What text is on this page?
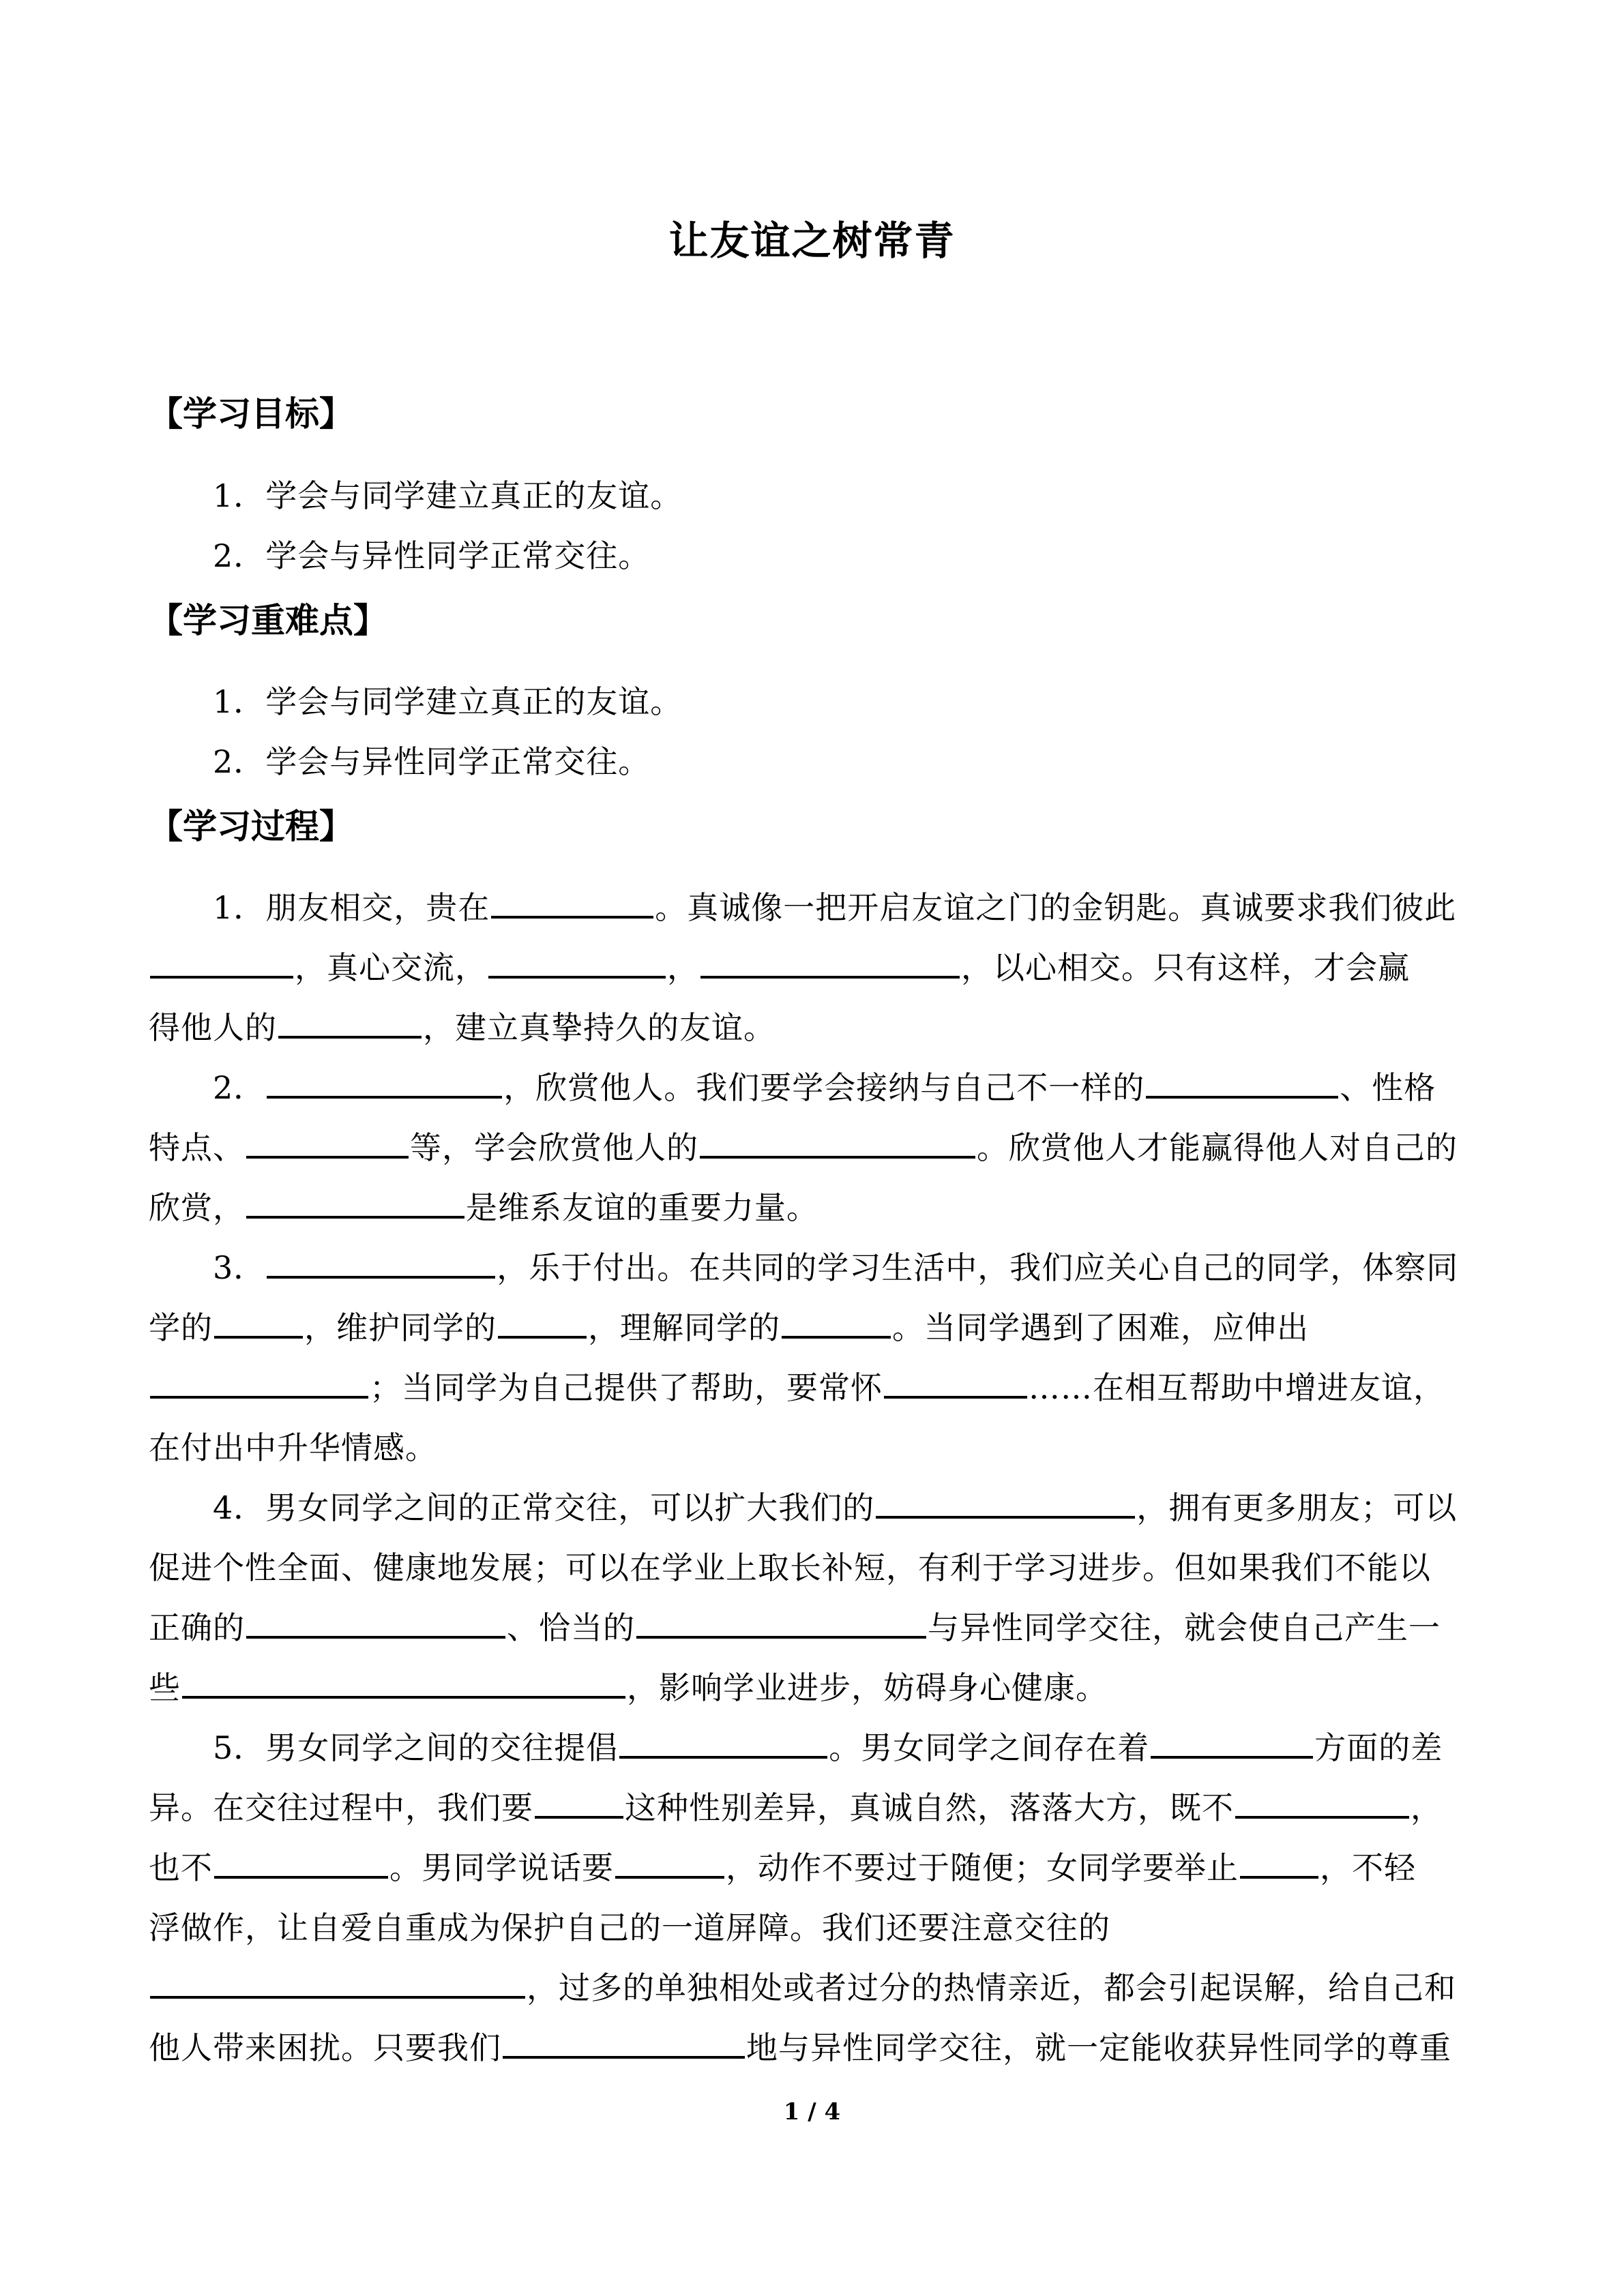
让友谊之树常青
【学习目标】
1．学会与同学建立真正的友谊。
2．学会与异性同学正常交往。
【学习重难点】
1．学会与同学建立真正的友谊。
2．学会与异性同学正常交往。
【学习过程】
1．朋友相交，贵在	。真诚像一把开启友谊之门的金钥匙。真诚要求我们彼此
，真心交流，	，	，以心相交。只有这样，才会赢
得他人的	，建立真挚持久的友谊。
2．	，欣赏他人。我们要学会接纳与自己不一样的	、性格
特点、	等，学会欣赏他人的	。欣赏他人才能赢得他人对自己的
欣赏，	是维系友谊的重要力量。
3．	，乐于付出。在共同的学习生活中，我们应关心自己的同学，体察同
学的	，维护同学的	，理解同学的	。当同学遇到了困难，应伸出
；当同学为自己提供了帮助，要常怀	……在相互帮助中增进友谊，
在付出中升华情感。
4．男女同学之间的正常交往，可以扩大我们的	，拥有更多朋友；可以
促进个性全面、健康地发展；可以在学业上取长补短，有利于学习进步。但如果我们不能以
正确的	、恰当的	与异性同学交往，就会使自己产生一
些	，影响学业进步，妨碍身心健康。
5．男女同学之间的交往提倡	。男女同学之间存在着	方面的差
异。在交往过程中，我们要	这种性别差异，真诚自然，落落大方，既不	，
也不	。男同学说话要	，动作不要过于随便；女同学要举止	，不轻
浮做作，让自爱自重成为保护自己的一道屏障。我们还要注意交往的
，过多的单独相处或者过分的热情亲近，都会引起误解，给自己和
他人带来困扰。只要我们	地与异性同学交往，就一定能收获异性同学的尊重
1 / 4
